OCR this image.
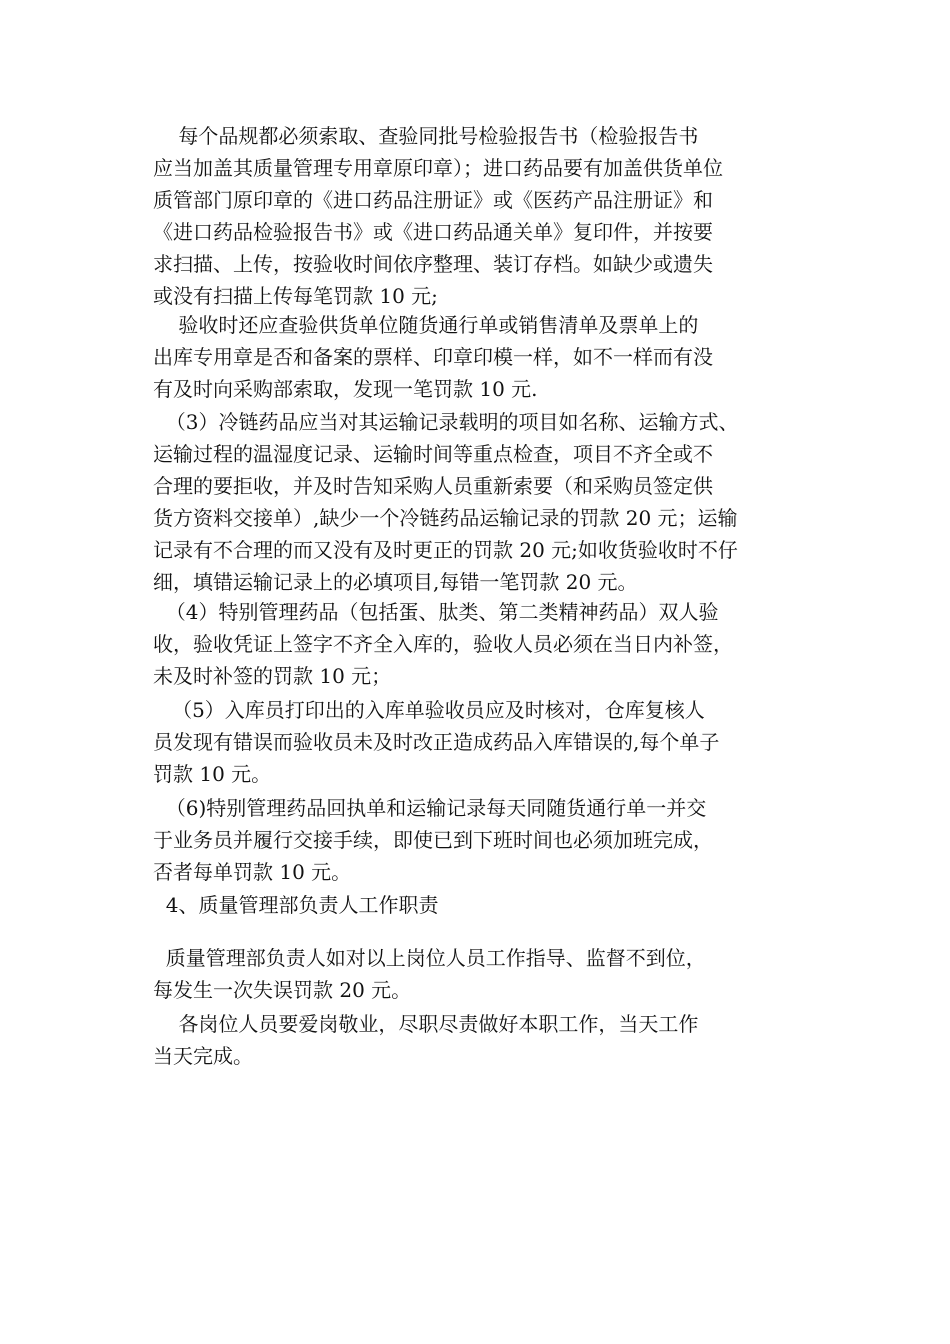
每个品规都必须索取、查验同批号检验报告书（检验报告书
应当加盖其质量管理专用章原印章）；进口药品要有加盖供货单位
质管部门原印章的《进口药品注册证》或《医药产品注册证》和
《进口药品检验报告书》或《进口药品通关单》复印件，并按要
求扫描、上传，按验收时间依序整理、装订存档。如缺少或遗失
或没有扫描上传每笔罚款 10 元;
验收时还应查验供货单位随货通行单或销售清单及票单上的
出库专用章是否和备案的票样、印章印模一样，如不一样而有没
有及时向采购部索取，发现一笔罚款 10 元.
（3）冷链药品应当对其运输记录载明的项目如名称、运输方式、
运输过程的温湿度记录、运输时间等重点检查，项目不齐全或不
合理的要拒收，并及时告知采购人员重新索要（和采购员签定供
货方资料交接单）,缺少一个冷链药品运输记录的罚款 20 元；运输
记录有不合理的而又没有及时更正的罚款 20 元;如收货验收时不仔
细，填错运输记录上的必填项目,每错一笔罚款 20 元。
（4）特别管理药品（包括蛋、肽类、第二类精神药品）双人验
收，验收凭证上签字不齐全入库的，验收人员必须在当日内补签，
未及时补签的罚款 10 元；
（5）入库员打印出的入库单验收员应及时核对，仓库复核人
员发现有错误而验收员未及时改正造成药品入库错误的,每个单子
罚款 10 元。
（6)特别管理药品回执单和运输记录每天同随货通行单一并交
于业务员并履行交接手续，即使已到下班时间也必须加班完成，
否者每单罚款 10 元。
4、质量管理部负责人工作职责
质量管理部负责人如对以上岗位人员工作指导、监督不到位，
每发生一次失误罚款 20 元。
各岗位人员要爱岗敬业，尽职尽责做好本职工作，当天工作
当天完成。
